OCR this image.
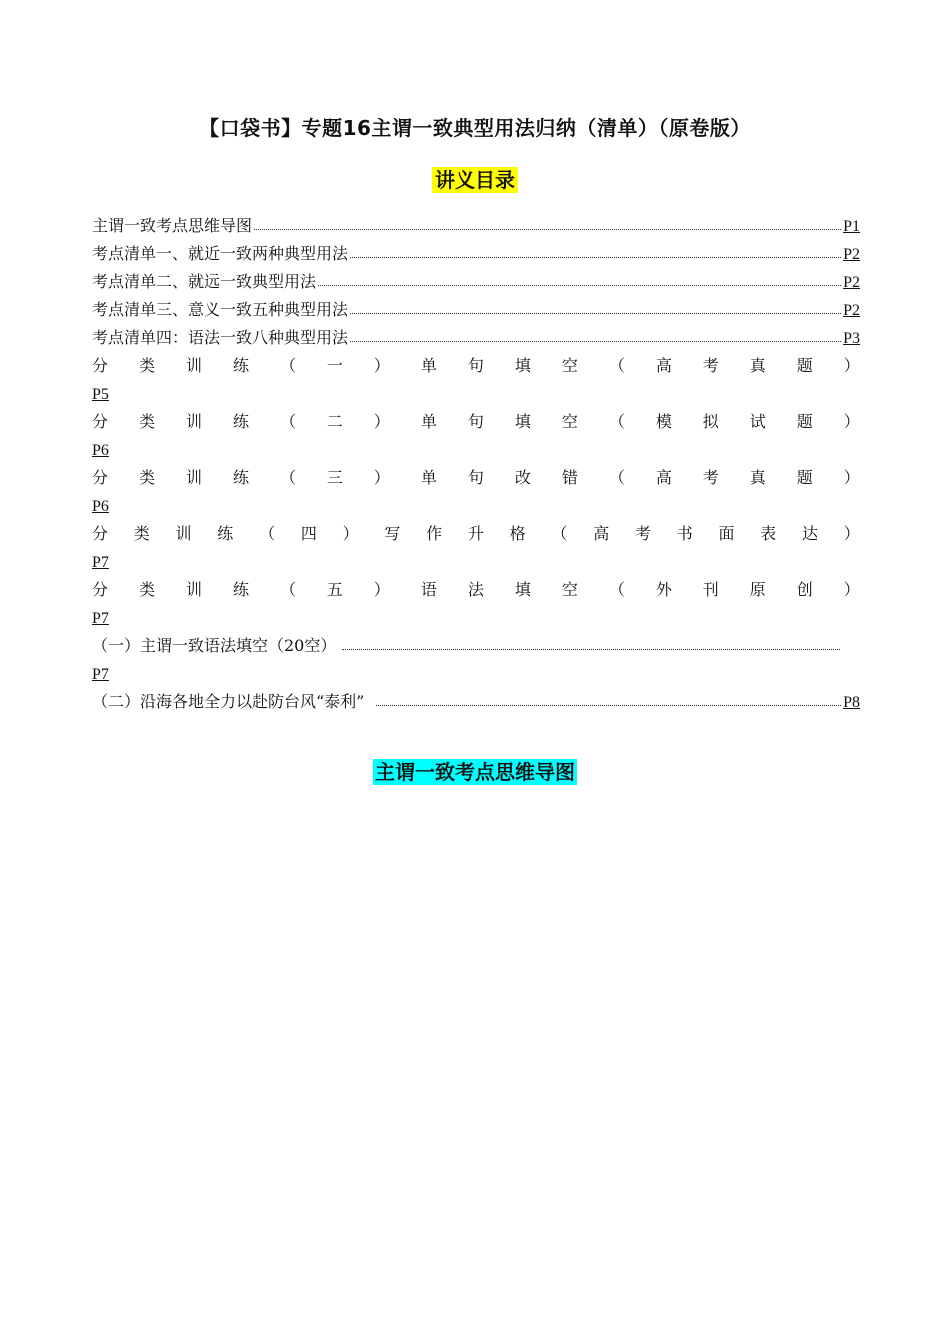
【口袋书】专题16主谓一致典型用法归纳（清单）（原卷版）
讲义目录
主谓一致考点思维导图	P1
考点清单一、就近一致两种典型用法	P2
考点清单二、就远一致典型用法	P2
考点清单三、意义一致五种典型用法	P2
考点清单四：语法一致八种典型用法	P3
分 类 训 练 （ 一 ） 单 句 填 空 （ 高 考 真 题 ）
P5
分 类 训 练 （ 二 ） 单 句 填 空 （ 模 拟 试 题 ）
P6
分 类 训 练 （ 三 ） 单 句 改 错 （ 高 考 真 题 ）
P6
分 类 训 练 （ 四 ） 写 作 升 格 （ 高 考 书 面 表 达 ）
P7
分 类 训 练 （ 五 ） 语 法 填 空 （ 外 刊 原 创 ）
P7
（一）主谓一致语法填空（20空）
P7
（二）沿海各地全力以赴防台风“泰利”	P8
主谓一致考点思维导图
